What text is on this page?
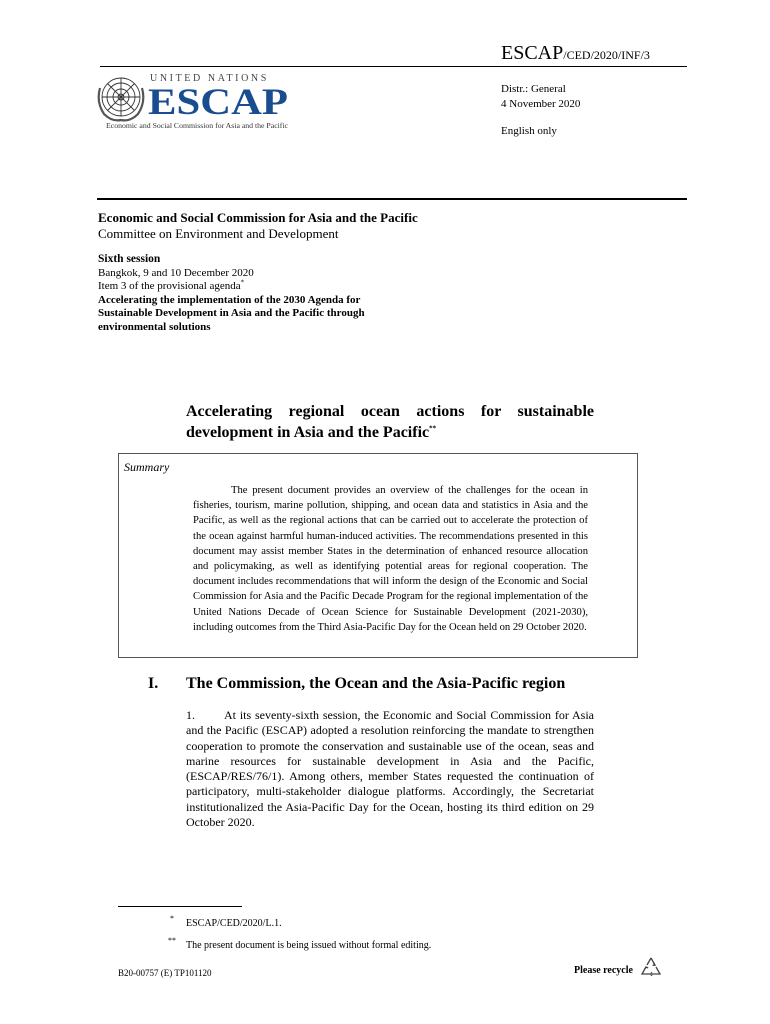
ESCAP/CED/2020/INF/3
UNITED NATIONS
ESCAP
Economic and Social Commission for Asia and the Pacific
Distr.: General
4 November 2020
English only
Economic and Social Commission for Asia and the Pacific
Committee on Environment and Development
Sixth session
Bangkok, 9 and 10 December 2020
Item 3 of the provisional agenda*
Accelerating the implementation of the 2030 Agenda for Sustainable Development in Asia and the Pacific through environmental solutions
Accelerating regional ocean actions for sustainable development in Asia and the Pacific**
Summary
The present document provides an overview of the challenges for the ocean in fisheries, tourism, marine pollution, shipping, and ocean data and statistics in Asia and the Pacific, as well as the regional actions that can be carried out to accelerate the protection of the ocean against harmful human-induced activities. The recommendations presented in this document may assist member States in the determination of enhanced resource allocation and policymaking, as well as identifying potential areas for regional cooperation. The document includes recommendations that will inform the design of the Economic and Social Commission for Asia and the Pacific Decade Program for the regional implementation of the United Nations Decade of Ocean Science for Sustainable Development (2021-2030), including outcomes from the Third Asia-Pacific Day for the Ocean held on 29 October 2020.
I. The Commission, the Ocean and the Asia-Pacific region
1. At its seventy-sixth session, the Economic and Social Commission for Asia and the Pacific (ESCAP) adopted a resolution reinforcing the mandate to strengthen cooperation to promote the conservation and sustainable use of the ocean, seas and marine resources for sustainable development in Asia and the Pacific, (ESCAP/RES/76/1). Among others, member States requested the continuation of participatory, multi-stakeholder dialogue platforms. Accordingly, the Secretariat institutionalized the Asia-Pacific Day for the Ocean, hosting its third edition on 29 October 2020.
* ESCAP/CED/2020/L.1.
** The present document is being issued without formal editing.
B20-00757 (E) TP101120	Please recycle
